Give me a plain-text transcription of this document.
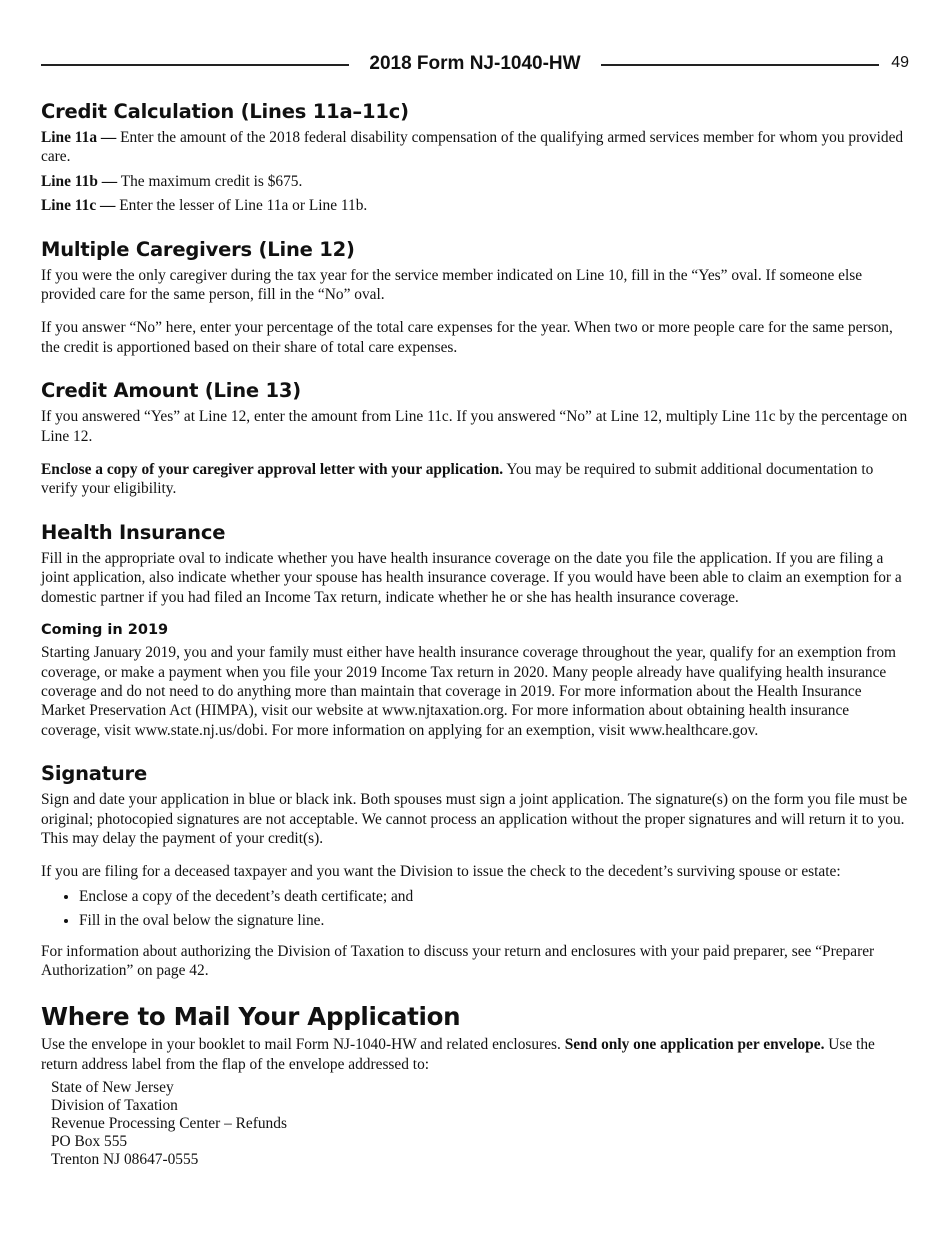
2018 Form NJ-1040-HW	49
Credit Calculation (Lines 11a–11c)

Line 11a — Enter the amount of the 2018 federal disability compensation of the qualifying armed services member for whom you provided care.

Line 11b — The maximum credit is $675.

Line 11c — Enter the lesser of Line 11a or Line 11b.

Multiple Caregivers (Line 12)

If you were the only caregiver during the tax year for the service member indicated on Line 10, fill in the “Yes” oval. If someone else provided care for the same person, fill in the “No” oval.

If you answer “No” here, enter your percentage of the total care expenses for the year. When two or more people care for the same person, the credit is apportioned based on their share of total care expenses.

Credit Amount (Line 13)

If you answered “Yes” at Line 12, enter the amount from Line 11c. If you answered “No” at Line 12, multiply Line 11c by the percentage on Line 12.

Enclose a copy of your caregiver approval letter with your application. You may be required to submit additional documentation to verify your eligibility.

Health Insurance

Fill in the appropriate oval to indicate whether you have health insurance coverage on the date you file the application. If you are filing a joint application, also indicate whether your spouse has health insurance coverage. If you would have been able to claim an exemption for a domestic partner if you had filed an Income Tax return, indicate whether he or she has health insurance coverage.

Coming in 2019

Starting January 2019, you and your family must either have health insurance coverage throughout the year, qualify for an exemption from coverage, or make a payment when you file your 2019 Income Tax return in 2020. Many people already have qualifying health insurance coverage and do not need to do anything more than maintain that coverage in 2019. For more information about the Health Insurance Market Preservation Act (HIMPA), visit our website at www.njtaxation.org. For more information about obtaining health insurance coverage, visit www.state.nj.us/dobi. For more information on applying for an exemption, visit www.healthcare.gov.

Signature

Sign and date your application in blue or black ink. Both spouses must sign a joint application. The signature(s) on the form you file must be original; photocopied signatures are not acceptable. We cannot process an application without the proper signatures and will return it to you. This may delay the payment of your credit(s).

If you are filing for a deceased taxpayer and you want the Division to issue the check to the decedent’s surviving spouse or estate:

• Enclose a copy of the decedent’s death certificate; and
• Fill in the oval below the signature line.

For information about authorizing the Division of Taxation to discuss your return and enclosures with your paid preparer, see “Preparer Authorization” on page 42.

Where to Mail Your Application

Use the envelope in your booklet to mail Form NJ-1040-HW and related enclosures. Send only one application per envelope. Use the return address label from the flap of the envelope addressed to:

State of New Jersey
Division of Taxation
Revenue Processing Center – Refunds
PO Box 555
Trenton NJ 08647-0555
